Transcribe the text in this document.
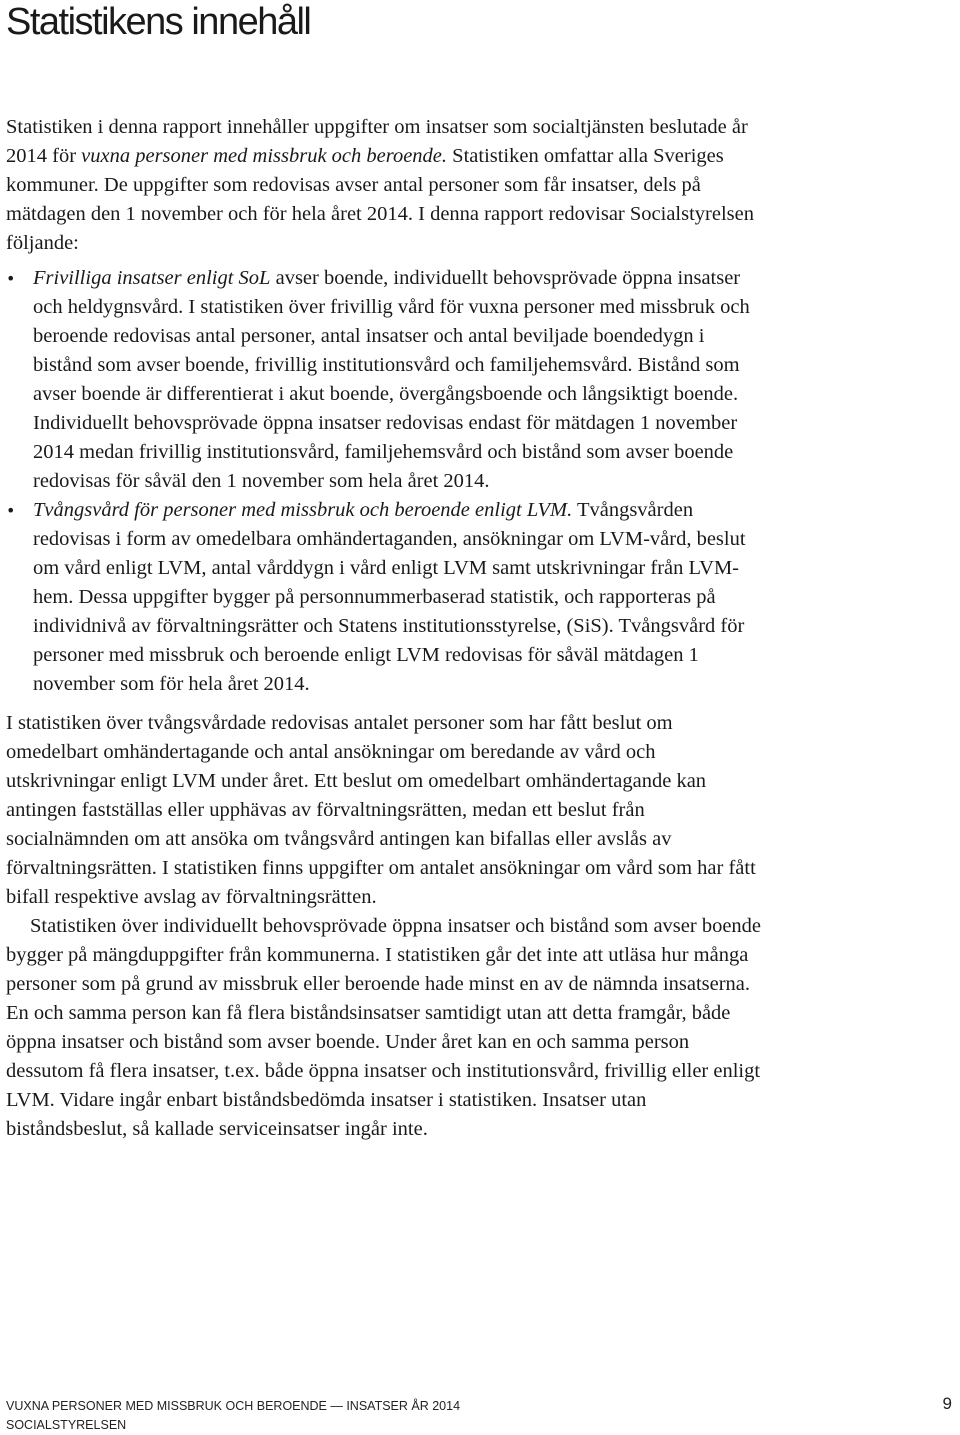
Statistikens innehåll

Statistiken i denna rapport innehåller uppgifter om insatser som socialtjänsten beslutade år 2014 för vuxna personer med missbruk och beroende. Statistiken omfattar alla Sveriges kommuner. De uppgifter som redovisas avser antal personer som får insatser, dels på mätdagen den 1 november och för hela året 2014. I denna rapport redovisar Socialstyrelsen följande:

• Frivilliga insatser enligt SoL avser boende, individuellt behovsprövade öppna insatser och heldygnsvård. I statistiken över frivillig vård för vuxna personer med missbruk och beroende redovisas antal personer, antal insatser och antal beviljade boendedygn i bistånd som avser boende, frivillig institutionsvård och familjehemsvård. Bistånd som avser boende är differentierat i akut boende, övergångsboende och långsiktigt boende. Individuellt behovsprövade öppna insatser redovisas endast för mätdagen 1 november 2014 medan frivillig institutionsvård, familjehemsvård och bistånd som avser boende redovisas för såväl den 1 november som hela året 2014.
• Tvångsvård för personer med missbruk och beroende enligt LVM. Tvångsvården redovisas i form av omedelbara omhändertaganden, ansökningar om LVM-vård, beslut om vård enligt LVM, antal vårddygn i vård enligt LVM samt utskrivningar från LVM-hem. Dessa uppgifter bygger på personnummerbaserad statistik, och rapporteras på individnivå av förvaltningsrätter och Statens institutionsstyrelse, (SiS). Tvångsvård för personer med missbruk och beroende enligt LVM redovisas för såväl mätdagen 1 november som för hela året 2014.

I statistiken över tvångsvårdade redovisas antalet personer som har fått beslut om omedelbart omhändertagande och antal ansökningar om beredande av vård och utskrivningar enligt LVM under året. Ett beslut om omedelbart omhändertagande kan antingen fastställas eller upphävas av förvaltningsrätten, medan ett beslut från socialnämnden om att ansöka om tvångsvård antingen kan bifallas eller avslås av förvaltningsrätten. I statistiken finns uppgifter om antalet ansökningar om vård som har fått bifall respektive avslag av förvaltningsrätten.

Statistiken över individuellt behovsprövade öppna insatser och bistånd som avser boende bygger på mängduppgifter från kommunerna. I statistiken går det inte att utläsa hur många personer som på grund av missbruk eller beroende hade minst en av de nämnda insatserna. En och samma person kan få flera biståndsinsatser samtidigt utan att detta framgår, både öppna insatser och bistånd som avser boende. Under året kan en och samma person dessutom få flera insatser, t.ex. både öppna insatser och institutionsvård, frivillig eller enligt LVM. Vidare ingår enbart biståndsbedömda insatser i statistiken. Insatser utan biståndsbeslut, så kallade serviceinsatser ingår inte.

VUXNA PERSONER MED MISSBRUK OCH BEROENDE — INSATSER ÅR 2014
SOCIALSTYRELSEN
9
